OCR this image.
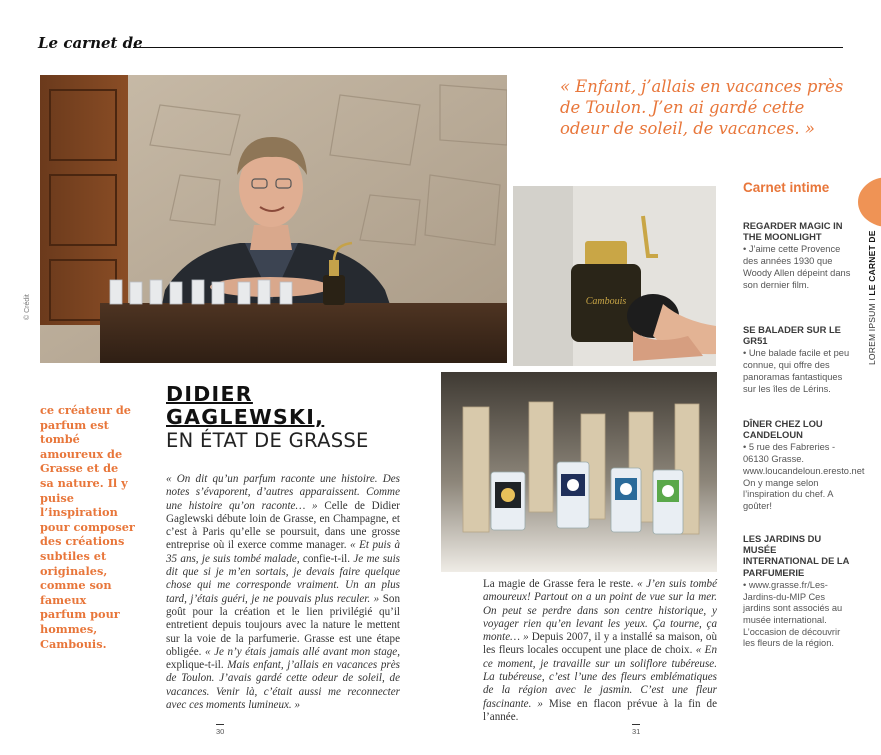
Le carnet de
© Crédit
« Enfant, j’allais en vacances près de Toulon. J’en ai gardé cette odeur de soleil, de vacances. »
Cambouis
Carnet intime
REGARDER MAGIC IN THE MOONLIGHT
• J’aime cette Provence des années 1930 que Woody Allen dépeint dans son dernier film.
SE BALADER SUR LE GR51
• Une balade facile et peu connue, qui offre des panoramas fantastiques sur les îles de Lérins.
DÎNER CHEZ LOU CANDELOUN
• 5 rue des Fabreries - 06130 Grasse. www.loucandeloun.eresto.net On y mange selon l’inspiration du chef. A goûter!
LES JARDINS DU MUSÉE INTERNATIONAL DE LA PARFUMERIE
• www.grasse.fr/Les-Jardins-du-MIP Ces jardins sont associés au musée international. L’occasion de découvrir les fleurs de la région.
LOREM IPSUM I LE CARNET DE
DIDIER
GAGLEWSKI,
EN ÉTAT DE GRASSE
ce créateur de parfum est tombé amoureux de Grasse et de sa nature. Il y puise l’inspiration pour composer des créations subtiles et originales, comme son fameux parfum pour hommes, Cambouis.
« On dit qu’un parfum raconte une histoire. Des notes s’évaporent, d’autres apparaissent. Comme une histoire qu’on raconte… » Celle de Didier Gaglewski débute loin de Grasse, en Champagne, et c’est à Paris qu’elle se poursuit, dans une grosse entreprise où il exerce comme manager. « Et puis à 35 ans, je suis tombé malade, confie-t-il. Je me suis dit que si je m’en sortais, je devais faire quelque chose qui me corresponde vraiment. Un an plus tard, j’étais guéri, je ne pouvais plus reculer. » Son goût pour la création et le lien privilégié qu’il entretient depuis toujours avec la nature le mettent sur la voie de la parfumerie. Grasse est une étape obligée. « Je n’y étais jamais allé avant mon stage, explique-t-il. Mais enfant, j’allais en vacances près de Toulon. J’avais gardé cette odeur de soleil, de vacances. Venir là, c’était aussi me reconnecter avec ces moments lumineux. »
La magie de Grasse fera le reste. « J’en suis tombé amoureux! Partout on a un point de vue sur la mer. On peut se perdre dans son centre historique, y voyager rien qu’en levant les yeux. Ça tourne, ça monte… » Depuis 2007, il y a installé sa maison, où les fleurs locales occupent une place de choix. « En ce moment, je travaille sur un soliflore tubéreuse. La tubéreuse, c’est l’une des fleurs emblématiques de la région avec le jasmin. C’est une fleur fascinante. » Mise en flacon prévue à la fin de l’année.
30	31
